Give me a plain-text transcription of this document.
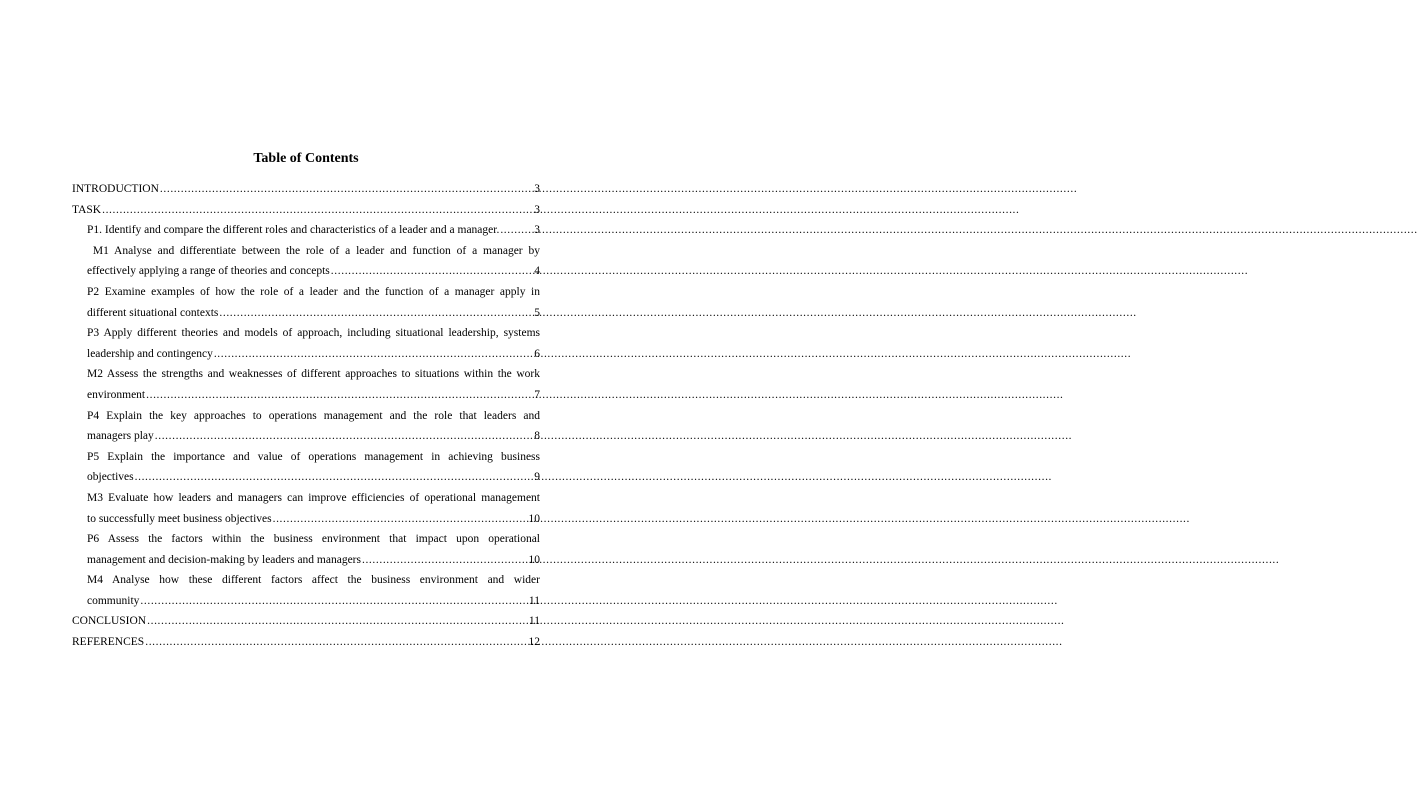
Table of Contents

INTRODUCTION .....	3

TASK .....	3

P1. Identify and compare the different roles and characteristics of a leader and a manager. .....	3

M1 Analyse and differentiate between the role of a leader and function of a manager by
effectively applying a range of theories and concepts .....	4

P2 Examine examples of how the role of a leader and the function of a manager apply in
different situational contexts .....	5

P3 Apply different theories and models of approach, including situational leadership, systems
leadership and contingency .....	6

M2 Assess the strengths and weaknesses of different approaches to situations within the work
environment .....	7

P4 Explain the key approaches to operations management and the role that leaders and
managers play .....	8

P5 Explain the importance and value of operations management in achieving business
objectives .....	9

M3 Evaluate how leaders and managers can improve efficiencies of operational management
to successfully meet business objectives .....	10

P6 Assess the factors within the business environment that impact upon operational
management and decision-making by leaders and managers .....	10

M4 Analyse how these different factors affect the business environment and wider
community .....	11

CONCLUSION .....	11

REFERENCES .....	12
